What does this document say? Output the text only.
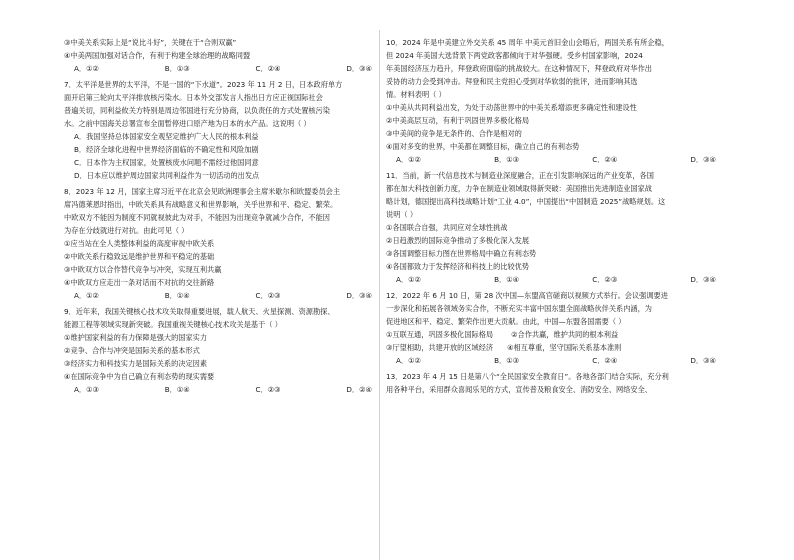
③中美关系实际上是“说比斗好”，关键在于“合则双赢”
④中美两国加强对话合作，有利于构建全球治理的战略同盟
A．①②	B．①③	C．②④	D．③④
7．太平洋是世界的太平洋，不是一国的“下水道”。2023 年 11 月 2 日，日本政府单方
面开启第三轮向太平洋排放核污染水。日本外交部发言人指出日方应正视国际社会
普遍关切，同利益攸关方特别是周边邻国进行充分协商，以负责任的方式处置核污染
水。之前中国海关总署宣布全面暂停进口原产地为日本的水产品。这说明（ ）
A．我国坚持总体国家安全观坚定维护广大人民的根本利益
B．经济全球化进程中世界经济面临的不确定性和风险加剧
C．日本作为主权国家，处置核废水问题不需经过他国同意
D．日本应以维护周边国家共同利益作为一切活动的出发点
8．2023 年 12 月，国家主席习近平在北京会见欧洲理事会主席米歇尔和欧盟委员会主
席冯德莱恩时指出，中欧关系具有战略意义和世界影响，关乎世界和平、稳定、繁荣。
中欧双方不能因为制度不同就视彼此为对手，不能因为出现竞争就减少合作，不能因
为存在分歧就进行对抗。由此可见（ ）
①应当站在全人类整体利益的高度审视中欧关系
②中欧关系行稳致远是维护世界和平稳定的基础
③中欧双方以合作替代竞争与冲突，实现互利共赢
④中欧双方应走出一条对话而不对抗的交往新路
A．①②	B．①④	C．②③	D．③④
9．近年来，我国关键核心技术攻关取得重要进展，载人航天、火星探测、资源勘探、
能源工程等领域实现新突破。我国重视关键核心技术攻关是基于（ ）
①维护国家利益的有力保障是强大的国家实力
②竞争、合作与冲突是国际关系的基本形式
③经济实力和科技实力是国际关系的决定因素
④在国际竞争中为自己确立有利态势的现实需要
A．①③	B．①④	C．②③	D．②④
10．2024 年是中美建立外交关系 45 周年 中美元首旧金山会晤后，两国关系有所企稳，
但 2024 年美国大选背景下两党政客都倾向于对华强硬。受乡村国家影响，2024
年美国经济压力趋升，拜登政府面临的挑战较大。在这种情况下，拜登政府对华作出
妥协的动力会受到冲击。拜登和民主党担心受到对华软弱的批评，进而影响其选
情。材料表明（ ）
①中美从共同利益出发，为处于动荡世界中的中美关系增添更多确定性和建设性
②中美高层互动，有利于巩固世界多极化格局
③中美间的竞争是无条件的、合作是相对的
④面对多变的世界，中美都在调整目标，确立自己的有利态势
A．①②	B．①③	C．②④	D．③④
11．当前，新一代信息技术与制造业深度融合，正在引发影响深远的产业变革，各国
都在加大科技创新力度，力争在制造业领域取得新突破：美国推出先进制造业国家战
略计划，德国提出高科技战略计划“工业 4.0”，中国提出“中国制造 2025”战略规划。这
说明（ ）
①各国联合自强，共同应对全球性挑战
②日趋激烈的国际竞争推动了多极化深入发展
③各国调整目标力图在世界格局中确立有利态势
④各国都致力于发挥经济和科技上的比较优势
A．①②	B．①④	C．②③	D．③④
12．2022 年 6 月 10 日，第 28 次中国—东盟高官磋商以视频方式举行。会议强调要进
一步深化和拓展各领域务实合作，不断充实丰富中国东盟全面战略伙伴关系内涵，为
促进地区和平、稳定、繁荣作出更大贡献。由此，中国—东盟各国需要（ ）
①互联互通，巩固多极化国际格局	②合作共赢，维护共同的根本利益
③厅望相助，共建开放的区域经济 ④相互尊重，坚守国际关系基本准则
A．①②	B．①③	C．②④	D．③④
13．2023 年 4 月 15 日是第八个“全民国家安全教育日”。各地各部门结合实际，充分利
用各种平台，采用群众喜闻乐见的方式，宣传普及粮食安全、消防安全、网络安全、
